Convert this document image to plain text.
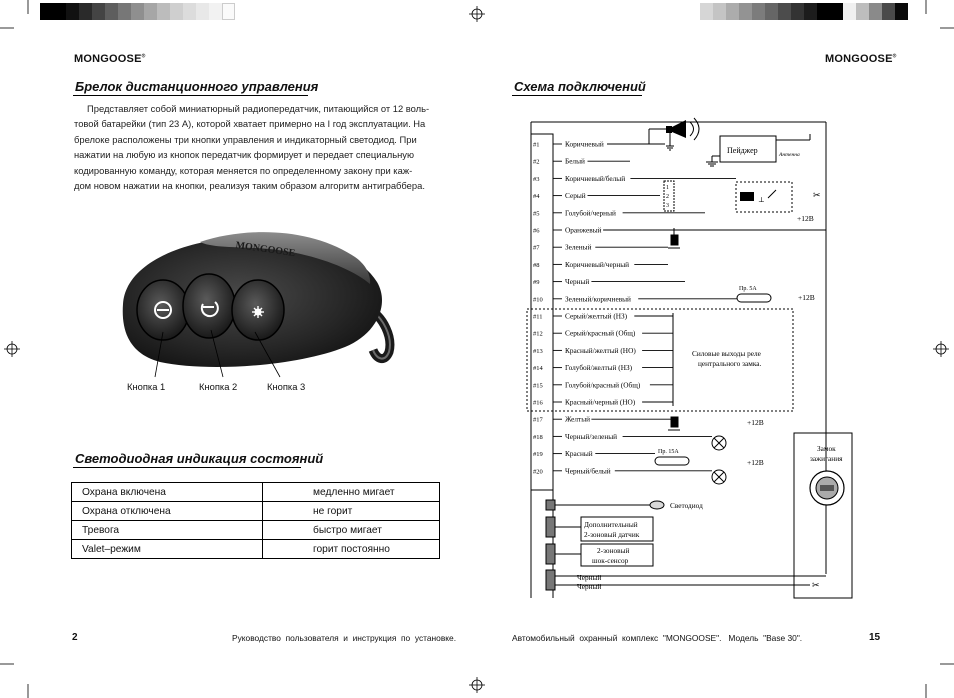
MONGOOSE®
Брелок дистанционного управления
Представляет собой миниатюрный радиопередатчик, питающийся от 12 воль-
товой батарейки (тип 23 А), которой хватает примерно на I год эксплуатации. На
брелоке расположены три кнопки управления и индикаторный светодиод. При
нажатии на любую из кнопок передатчик формирует и передает специальную
кодированную команду, которая меняется по определенному закону при каж-
дом новом нажатии на кнопки, реализуя таким образом алгоритм антиграббера.
MONGOOSE
Кнопка 1	Кнопка 2	Кнопка 3
Светодиодная индикация состояний
Охрана включена	медленно мигает
Охрана отключена	не горит
Тревога	быстро мигает
Valet–режим	горит постоянно
2	Руководство  пользователя  и  инструкция  по  установке.
MONGOOSE®
Схема подключений
#1	Коричневый
#2	Белый
#3	Коричневый/белый
#4	Серый
#5	Голубой/черный
#6	Оранжевый
#7	Зеленый
#8	Коричневый/черный
#9	Черный
#10	Зеленый/коричневый
#11	Серый/желтый (НЗ)
#12	Серый/красный (Общ)
#13	Красный/желтый (НО)
#14	Голубой/желтый (НЗ)
#15	Голубой/красный (Общ)
#16	Красный/черный (НО)
#17	Желтый
#18	Черный/зеленый
#19	Красный
#20	Черный/белый
Пейджер	Антенна
⊥	✂
✂
1
2
3
+12В
+12В
+12В
+12В
Пр. 5А
Пр. 15А
Силовые выходы реле
центрального замка.
Светодиод
Дополнительный
2-зоновый датчик
2-зоновый
шок-сенсор
Черный
Черный
Замок
зажигания
15
Автомобильный  охранный  комплекс  "MONGOOSE".   Модель  "Base 30".
